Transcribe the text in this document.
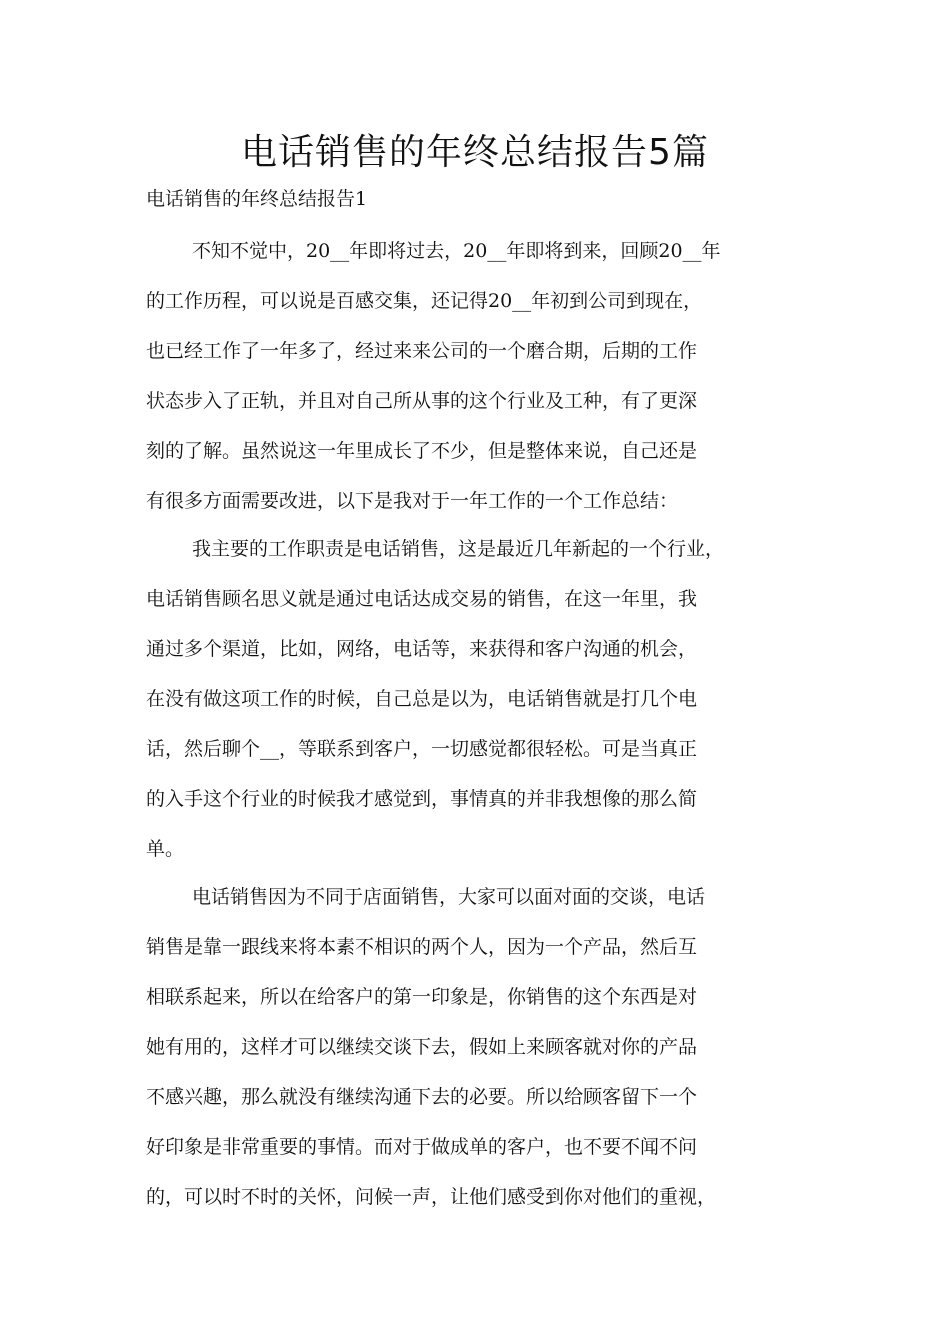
电话销售的年终总结报告5篇
电话销售的年终总结报告1
不知不觉中，20__年即将过去，20__年即将到来，回顾20__年
的工作历程，可以说是百感交集，还记得20__年初到公司到现在，
也已经工作了一年多了，经过来来公司的一个磨合期，后期的工作
状态步入了正轨，并且对自己所从事的这个行业及工种，有了更深
刻的了解。虽然说这一年里成长了不少，但是整体来说，自己还是
有很多方面需要改进，以下是我对于一年工作的一个工作总结：
我主要的工作职责是电话销售，这是最近几年新起的一个行业，
电话销售顾名思义就是通过电话达成交易的销售，在这一年里，我
通过多个渠道，比如，网络，电话等，来获得和客户沟通的机会，
在没有做这项工作的时候，自己总是以为，电话销售就是打几个电
话，然后聊个__，等联系到客户，一切感觉都很轻松。可是当真正
的入手这个行业的时候我才感觉到，事情真的并非我想像的那么简
单。
电话销售因为不同于店面销售，大家可以面对面的交谈，电话
销售是靠一跟线来将本素不相识的两个人，因为一个产品，然后互
相联系起来，所以在给客户的第一印象是，你销售的这个东西是对
她有用的，这样才可以继续交谈下去，假如上来顾客就对你的产品
不感兴趣，那么就没有继续沟通下去的必要。所以给顾客留下一个
好印象是非常重要的事情。而对于做成单的客户，也不要不闻不问
的，可以时不时的关怀，问候一声，让他们感受到你对他们的重视，
